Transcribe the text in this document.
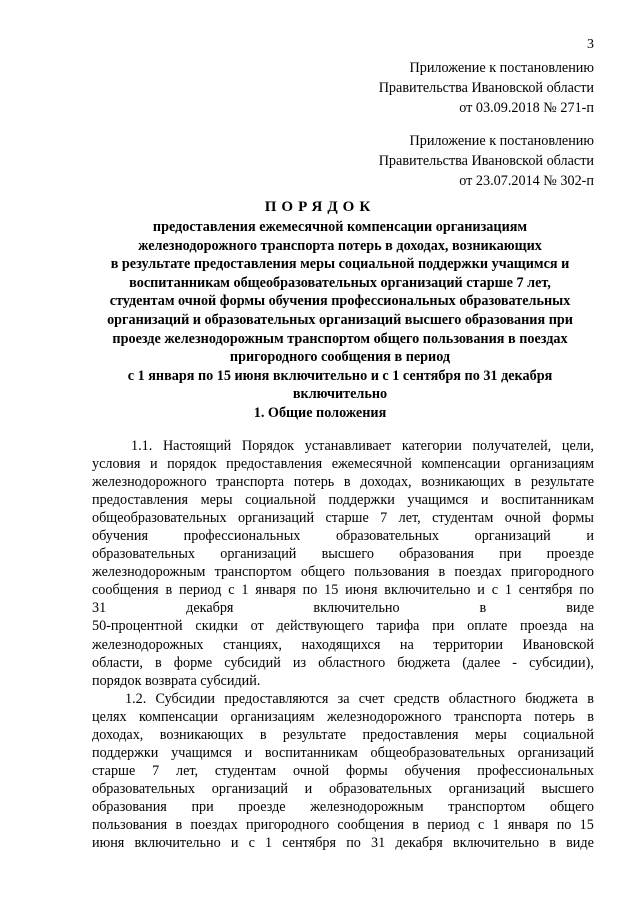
3
Приложение к постановлению
Правительства Ивановской области
от 03.09.2018 № 271-п
Приложение к постановлению
Правительства Ивановской области
от 23.07.2014 № 302-п
ПОРЯДОК
предоставления ежемесячной компенсации организациям
железнодорожного транспорта потерь в доходах, возникающих
в результате предоставления меры социальной поддержки учащимся и
воспитанникам общеобразовательных организаций старше 7 лет,
студентам очной формы обучения профессиональных образовательных
организаций и образовательных организаций высшего образования при
проезде железнодорожным транспортом общего пользования в поездах
пригородного сообщения в период
с 1 января по 15 июня включительно и с 1 сентября по 31 декабря
включительно
1. Общие положения
1.1. Настоящий Порядок устанавливает категории получателей, цели,
условия и порядок предоставления ежемесячной компенсации организациям
железнодорожного транспорта потерь в доходах, возникающих в результате
предоставления меры социальной поддержки учащимся и воспитанникам
общеобразовательных организаций старше 7 лет, студентам очной формы
обучения	профессиональных	образовательных	организаций	и
образовательных организаций высшего образования при проезде
железнодорожным транспортом общего пользования в поездах пригородного
сообщения в период с 1 января по 15 июня включительно и с 1 сентября по
31	декабря	включительно	в	виде
50-процентной скидки от действующего тарифа при оплате проезда на
железнодорожных станциях, находящихся на территории Ивановской
области, в форме субсидий из областного бюджета (далее - субсидии),
порядок возврата субсидий.
1.2. Субсидии предоставляются за счет средств областного бюджета в
целях компенсации организациям железнодорожного транспорта потерь в
доходах, возникающих в результате предоставления меры социальной
поддержки учащимся и воспитанникам общеобразовательных организаций
старше 7 лет, студентам очной формы обучения профессиональных
образовательных организаций и образовательных организаций высшего
образования при проезде железнодорожным транспортом общего
пользования в поездах пригородного сообщения в период с 1 января по 15
июня включительно и с 1 сентября по 31 декабря включительно в виде
